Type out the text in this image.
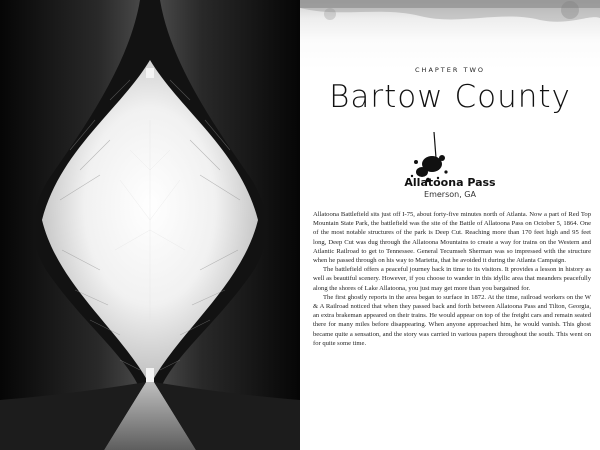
CHAPTER TWO
Bartow County
Allatoona Pass
Emerson, GA

Allatoona Battlefield sits just off I-75, about forty-five minutes north of Atlanta. Now a part of Red Top Mountain State Park, the battlefield was the site of the Battle of Allatoona Pass on October 5, 1864. One of the most notable structures of the park is Deep Cut. Reaching more than 170 feet high and 95 feet long, Deep Cut was dug through the Allatoona Mountains to create a way for trains on the Western and Atlantic Railroad to get to Tennessee. General Tecumseh Sherman was so impressed with the structure when he passed through on his way to Marietta, that he avoided it during the Atlanta Campaign.

The battlefield offers a peaceful journey back in time to its visitors. It provides a lesson in history as well as beautiful scenery. However, if you choose to wander in this idyllic area that meanders peacefully along the shores of Lake Allatoona, you just may get more than you bargained for.

The first ghostly reports in the area began to surface in 1872. At the time, railroad workers on the W & A Railroad noticed that when they passed back and forth between Allatoona Pass and Tilton, Georgia, an extra brakeman appeared on their trains. He would appear on top of the freight cars and remain seated there for many miles before disappearing. When anyone approached him, he would vanish. This ghost became quite a sensation, and the story was carried in various papers throughout the south. This went on for quite some time.
